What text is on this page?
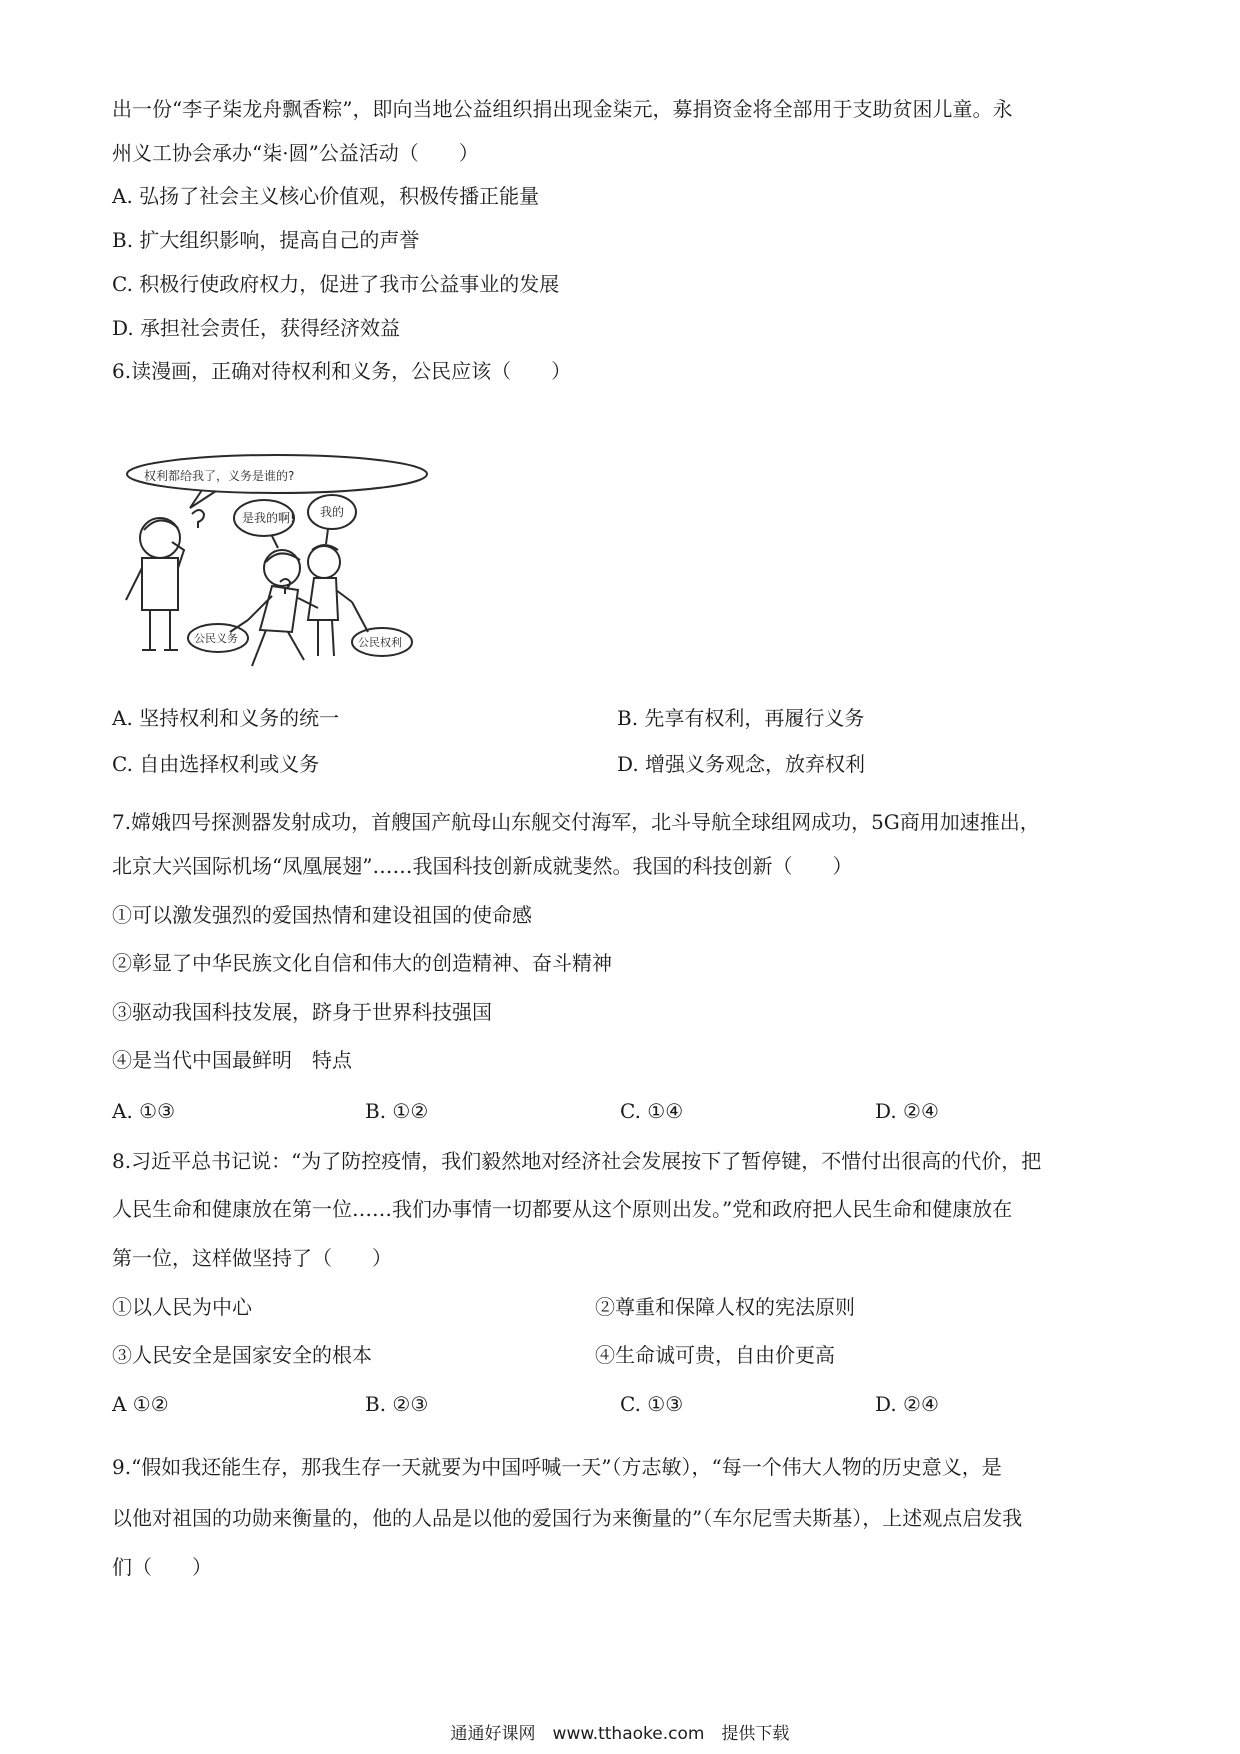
出一份“李子柒龙舟飘香粽”，即向当地公益组织捐出现金柒元，募捐资金将全部用于支助贫困儿童。永
州义工协会承办“柒·圆”公益活动（　　）
A. 弘扬了社会主义核心价值观，积极传播正能量
B. 扩大组织影响，提高自己的声誉
C. 积极行使政府权力，促进了我市公益事业的发展
D. 承担社会责任，获得经济效益
6.读漫画，正确对待权利和义务，公民应该（　　）
权利都给我了，义务是谁的?
是我的啊! 我的
公民义务	公民权利
A. 坚持权利和义务的统一	B. 先享有权利，再履行义务
C. 自由选择权利或义务	D. 增强义务观念，放弃权利
7.嫦娥四号探测器发射成功，首艘国产航母山东舰交付海军，北斗导航全球组网成功，5G商用加速推出，
北京大兴国际机场“凤凰展翅”……我国科技创新成就斐然。我国的科技创新（　　）
①可以激发强烈的爱国热情和建设祖国的使命感
②彰显了中华民族文化自信和伟大的创造精神、奋斗精神
③驱动我国科技发展，跻身于世界科技强国
④是当代中国最鲜明　特点
A. ①③	B. ①②	C. ①④	D. ②④
8.习近平总书记说：“为了防控疫情，我们毅然地对经济社会发展按下了暂停键，不惜付出很高的代价，把
人民生命和健康放在第一位……我们办事情一切都要从这个原则出发。”党和政府把人民生命和健康放在
第一位，这样做坚持了（　　）
①以人民为中心	②尊重和保障人权的宪法原则
③人民安全是国家安全的根本	④生命诚可贵，自由价更高
A ①②	B. ②③	C. ①③	D. ②④
9.“假如我还能生存，那我生存一天就要为中国呼喊一天”（方志敏），“每一个伟大人物的历史意义，是
以他对祖国的功勋来衡量的，他的人品是以他的爱国行为来衡量的”（车尔尼雪夫斯基），上述观点启发我
们（　　）
通通好课网　www.tthaoke.com　提供下载
